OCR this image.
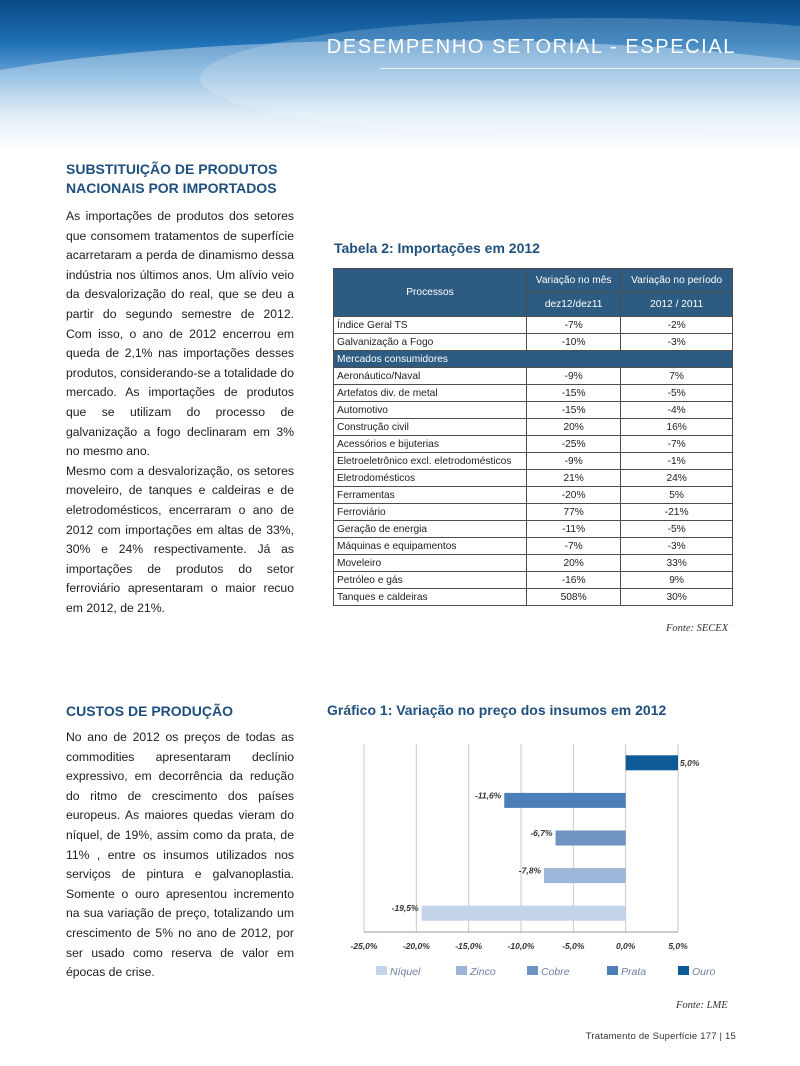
DESEMPENHO SETORIAL - ESPECIAL
SUBSTITUIÇÃO DE PRODUTOS
NACIONAIS POR IMPORTADOS

As importações de produtos dos setores que consomem tratamentos de superfície acarretaram a perda de dinamismo dessa indústria nos últimos anos. Um alívio veio da desvalorização do real, que se deu a partir do segundo semestre de 2012. Com isso, o ano de 2012 encerrou em queda de 2,1% nas importações desses produtos, considerando-se a totalidade do mercado. As importações de produtos que se utilizam do processo de galvanização a fogo declinaram em 3% no mesmo ano.

Mesmo com a desvalorização, os setores moveleiro, de tanques e caldeiras e de eletrodomésticos, encerraram o ano de 2012 com importações em altas de 33%, 30% e 24% respectivamente. Já as importações de produtos do setor ferroviário apresentaram o maior recuo em 2012, de 21%.

Tabela 2: Importações em 2012
Processos	Variação no mês	Variação no período
	dez12/dez11	2012 / 2011
Índice Geral TS	-7%	-2%
Galvanização a Fogo	-10%	-3%
Mercados consumidores		
Aeronáutico/Naval	-9%	7%
Artefatos div. de metal	-15%	-5%
Automotivo	-15%	-4%
Construção civil	20%	16%
Acessórios e bijuterias	-25%	-7%
Eletroeletrônico excl. eletrodomésticos	-9%	-1%
Eletrodomésticos	21%	24%
Ferramentas	-20%	5%
Ferroviário	77%	-21%
Geração de energia	-11%	-5%
Máquinas e equipamentos	-7%	-3%
Moveleiro	20%	33%
Petróleo e gás	-16%	9%
Tanques e caldeiras	508%	30%
Fonte: SECEX
CUSTOS DE PRODUÇÃO

No ano de 2012 os preços de todas as commodities apresentaram declínio expressivo, em decorrência da redução do ritmo de crescimento dos países europeus. As maiores quedas vieram do níquel, de 19%, assim como da prata, de 11% , entre os insumos utilizados nos serviços de pintura e galvanoplastia. Somente o ouro apresentou incremento na sua variação de preço, totalizando um crescimento de 5% no ano de 2012, por ser usado como reserva de valor em épocas de crise.

Gráfico 1: Variação no preço dos insumos em 2012
5,0%
-11,6%
-6,7%
-7,8%
-19,5%
-25,0%	-20,0%	-15,0%	-10,0%	-5,0%	0,0%	5,0%
Níquel	Zinco	Cobre	Prata	Ouro
Fonte: LME
Tratamento de Superfície 177 | 15
